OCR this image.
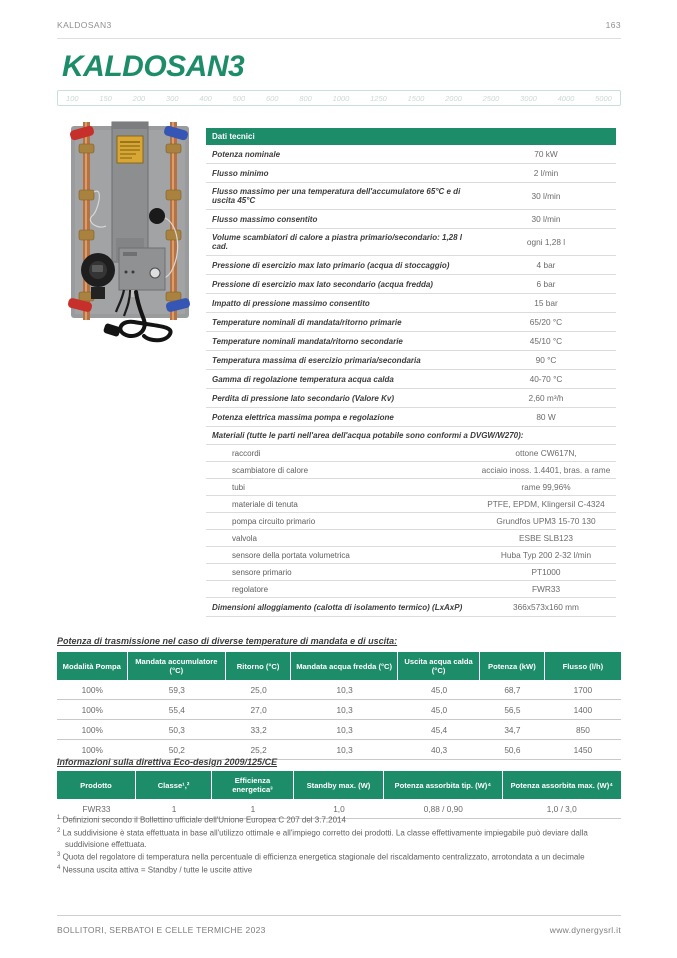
KALDOSAN3	163
KALDOSAN3
100	150	200	300	400	500	600	800	1000	1250	1500	2000	2500	3000	4000	5000
Dati tecnici
Potenza nominale	70 kW
Flusso minimo	2 l/min
Flusso massimo per una temperatura dell'accumulatore 65°C e di uscita 45°C	30 l/min
Flusso massimo consentito	30 l/min
Volume scambiatori di calore a piastra primario/secondario: 1,28 l cad.	ogni 1,28 l
Pressione di esercizio max lato primario (acqua di stoccaggio)	4 bar
Pressione di esercizio max lato secondario (acqua fredda)	6 bar
Impatto di pressione massimo consentito	15 bar
Temperature nominali di mandata/ritorno primarie	65/20 °C
Temperature nominali mandata/ritorno secondarie	45/10 °C
Temperatura massima di esercizio primaria/secondaria	90 °C
Gamma di regolazione temperatura acqua calda	40-70 °C
Perdita di pressione lato secondario (Valore Kv)	2,60 m³/h
Potenza elettrica massima pompa e regolazione	80 W
Materiali (tutte le parti nell'area dell'acqua potabile sono conformi a DVGW/W270):
raccordi	ottone CW617N,
scambiatore di calore	acciaio inoss. 1.4401, bras. a rame
tubi	rame 99,96%
materiale di tenuta	PTFE, EPDM, Klingersil C-4324
pompa circuito primario	Grundfos UPM3 15-70 130
valvola	ESBE SLB123
sensore della portata volumetrica	Huba Typ 200 2-32 l/min
sensore primario	PT1000
regolatore	FWR33
Dimensioni alloggiamento (calotta di isolamento termico) (LxAxP)	366x573x160 mm
Potenza di trasmissione nel caso di diverse temperature di mandata e di uscita:
Modalità Pompa	Mandata accumulatore (°C)	Ritorno (°C)	Mandata acqua fredda (°C)	Uscita acqua calda (°C)	Potenza (kW)	Flusso (l/h)
100%	59,3	25,0	10,3	45,0	68,7	1700
100%	55,4	27,0	10,3	45,0	56,5	1400
100%	50,3	33,2	10,3	45,4	34,7	850
100%	50,2	25,2	10,3	40,3	50,6	1450
Informazioni sulla direttiva Eco-design 2009/125/CE
Prodotto	Classe¹,²	Efficienza energetica³	Standby max. (W)	Potenza assorbita tip. (W)⁴	Potenza assorbita max. (W)⁴
FWR33	1	1	1,0	0,88 / 0,90	1,0 / 3,0
$^1$ Definizioni secondo il Bollettino ufficiale dell'Unione Europea C 207 del 3.7.2014
$^2$ La suddivisione è stata effettuata in base all'utilizzo ottimale e all'impiego corretto dei prodotti. La classe effettivamente impiegabile può deviare dalla suddivisione effettuata.
$^3$ Quota del regolatore di temperatura nella percentuale di efficienza energetica stagionale del riscaldamento centralizzato, arrotondata a un decimale
$^4$ Nessuna uscita attiva = Standby / tutte le uscite attive
BOLLITORI, SERBATOI E CELLE TERMICHE 2023	www.dynergysrl.it
